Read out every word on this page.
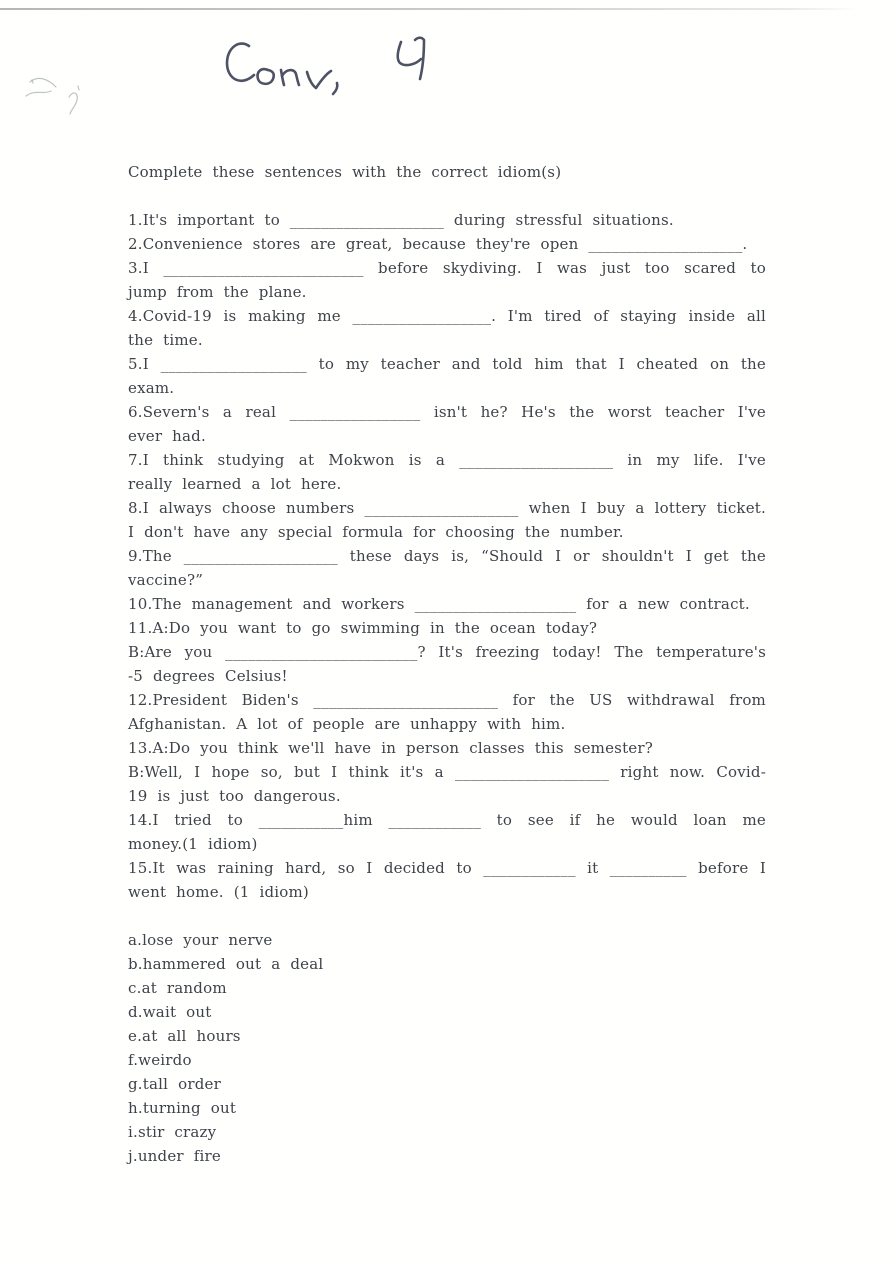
Complete these sentences with the correct idiom(s)

1.It's important to ____________________ during stressful situations.

2.Convenience stores are great, because they're open ____________________.

3.I __________________________ before skydiving. I was just too scared to jump from the plane.

4.Covid-19 is making me __________________. I'm tired of staying inside all the time.

5.I ___________________ to my teacher and told him that I cheated on the exam.

6.Severn's a real _________________ isn't he? He's the worst teacher I've ever had.

7.I think studying at Mokwon is a ____________________ in my life. I've really learned a lot here.

8.I always choose numbers ____________________ when I buy a lottery ticket. I don't have any special formula for choosing the number.

9.The ____________________ these days is, “Should I or shouldn't I get the vaccine?”

10.The management and workers _____________________ for a new contract.

11.A:Do you want to go swimming in the ocean today?

B:Are you _________________________? It's freezing today! The temperature's -5 degrees Celsius!

12.President Biden's ________________________ for the US withdrawal from Afghanistan. A lot of people are unhappy with him.

13.A:Do you think we'll have in person classes this semester?

B:Well, I hope so, but I think it's a ____________________ right now. Covid-19 is just too dangerous.

14.I tried to ___________him ____________ to see if he would loan me money.(1 idiom)

15.It was raining hard, so I decided to ____________ it __________ before I went home. (1 idiom)

a.lose your nerve

b.hammered out a deal

c.at random

d.wait out

e.at all hours

f.weirdo

g.tall order

h.turning out

i.stir crazy

j.under fire
